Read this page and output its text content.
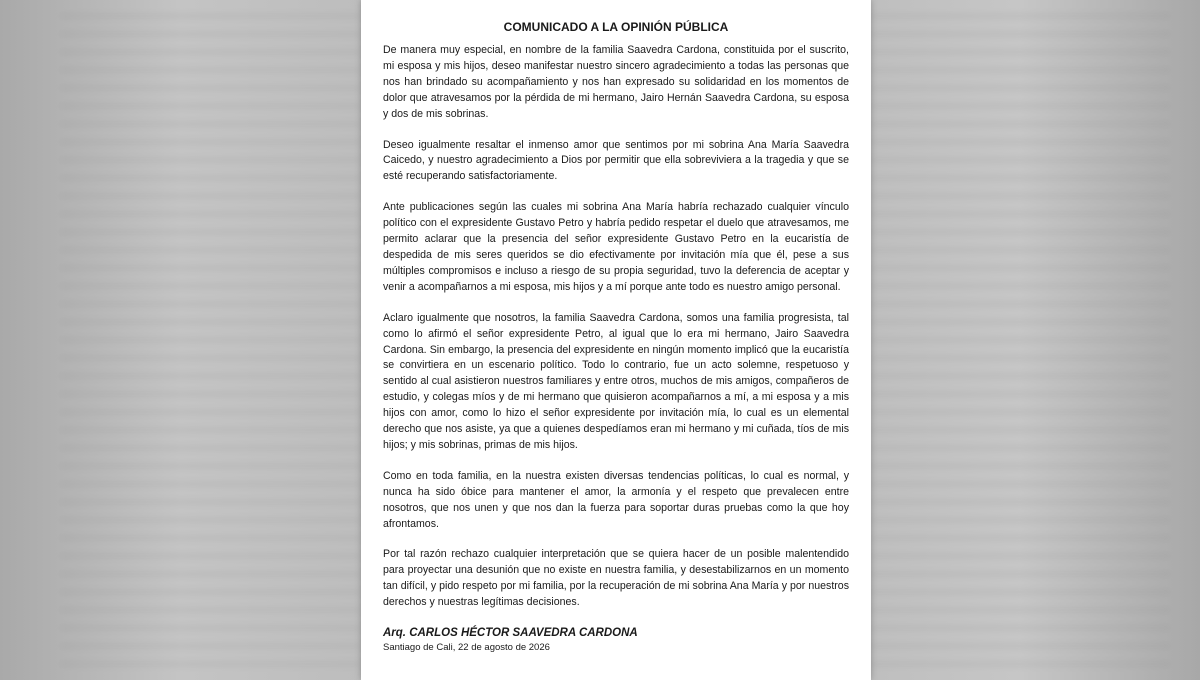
COMUNICADO A LA OPINIÓN PÚBLICA

De manera muy especial, en nombre de la familia Saavedra Cardona, constituida por el suscrito, mi esposa y mis hijos, deseo manifestar nuestro sincero agradecimiento a todas las personas que nos han brindado su acompañamiento y nos han expresado su solidaridad en los momentos de dolor que atravesamos por la pérdida de mi hermano, Jairo Hernán Saavedra Cardona, su esposa y dos de mis sobrinas.

Deseo igualmente resaltar el inmenso amor que sentimos por mi sobrina Ana María Saavedra Caicedo, y nuestro agradecimiento a Dios por permitir que ella sobreviviera a la tragedia y que se esté recuperando satisfactoriamente.

Ante publicaciones según las cuales mi sobrina Ana María habría rechazado cualquier vínculo político con el expresidente Gustavo Petro y habría pedido respetar el duelo que atravesamos, me permito aclarar que la presencia del señor expresidente Gustavo Petro en la eucaristía de despedida de mis seres queridos se dio efectivamente por invitación mía que él, pese a sus múltiples compromisos e incluso a riesgo de su propia seguridad, tuvo la deferencia de aceptar y venir a acompañarnos a mi esposa, mis hijos y a mí porque ante todo es nuestro amigo personal.

Aclaro igualmente que nosotros, la familia Saavedra Cardona, somos una familia progresista, tal como lo afirmó el señor expresidente Petro, al igual que lo era mi hermano, Jairo Saavedra Cardona. Sin embargo, la presencia del expresidente en ningún momento implicó que la eucaristía se convirtiera en un escenario político. Todo lo contrario, fue un acto solemne, respetuoso y sentido al cual asistieron nuestros familiares y entre otros, muchos de mis amigos, compañeros de estudio, y colegas míos y de mi hermano que quisieron acompañarnos a mí, a mi esposa y a mis hijos con amor, como lo hizo el señor expresidente por invitación mía, lo cual es un elemental derecho que nos asiste, ya que a quienes despedíamos eran mi hermano y mi cuñada, tíos de mis hijos; y mis sobrinas, primas de mis hijos.

Como en toda familia, en la nuestra existen diversas tendencias políticas, lo cual es normal, y nunca ha sido óbice para mantener el amor, la armonía y el respeto que prevalecen entre nosotros, que nos unen y que nos dan la fuerza para soportar duras pruebas como la que hoy afrontamos.

Por tal razón rechazo cualquier interpretación que se quiera hacer de un posible malentendido para proyectar una desunión que no existe en nuestra familia, y desestabilizarnos en un momento tan difícil, y pido respeto por mi familia, por la recuperación de mi sobrina Ana María y por nuestros derechos y nuestras legítimas decisiones.

Arq. CARLOS HÉCTOR SAAVEDRA CARDONA

Santiago de Cali, 22 de agosto de 2026
